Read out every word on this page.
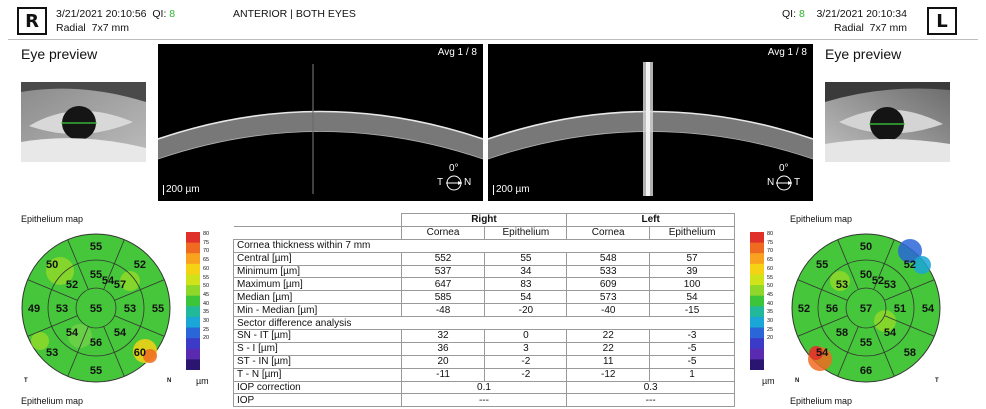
R 3/21/2021 20:10:56 QI: 8
Radial  7x7 mm
ANTERIOR | BOTH EYES	QI: 8 3/21/2021 20:10:34
Radial  7x7 mm L
Eye preview	Eye preview
Avg 1 / 8
200 µm
0°
T N
Avg 1 / 8
200 µm
0°
N T
Epithelium map
Epithelium map
55
55
57
53
54
56
54
53
52 54
55
52
55
60
55
53
49
50
80
75
70
65
60
55
50
45
40
35
30
25
20
µm
T	N
Epithelium map
Epithelium map
57
50
53
51
54
55
58
56
53 52
50
52
54
58
66
54
52
55
80
75
70
65
60
55
50
45
40
35
30
25
20
µm	N	T
	Right		Left	
	Cornea	Epithelium	Cornea	Epithelium
Cornea thickness within 7 mm				
Central [µm]	552	55	548	57
Minimum [µm]	537	34	533	39
Maximum [µm]	647	83	609	100
Median [µm]	585	54	573	54
Min - Median [µm]	-48	-20	-40	-15
Sector difference analysis				
SN - IT [µm]	32	0	22	-3
S - I [µm]	36	3	22	-5
ST - IN [µm]	20	-2	11	-5
T - N [µm]	-11	-2	-12	1
IOP correction	0.1		0.3	
IOP	---		---	
